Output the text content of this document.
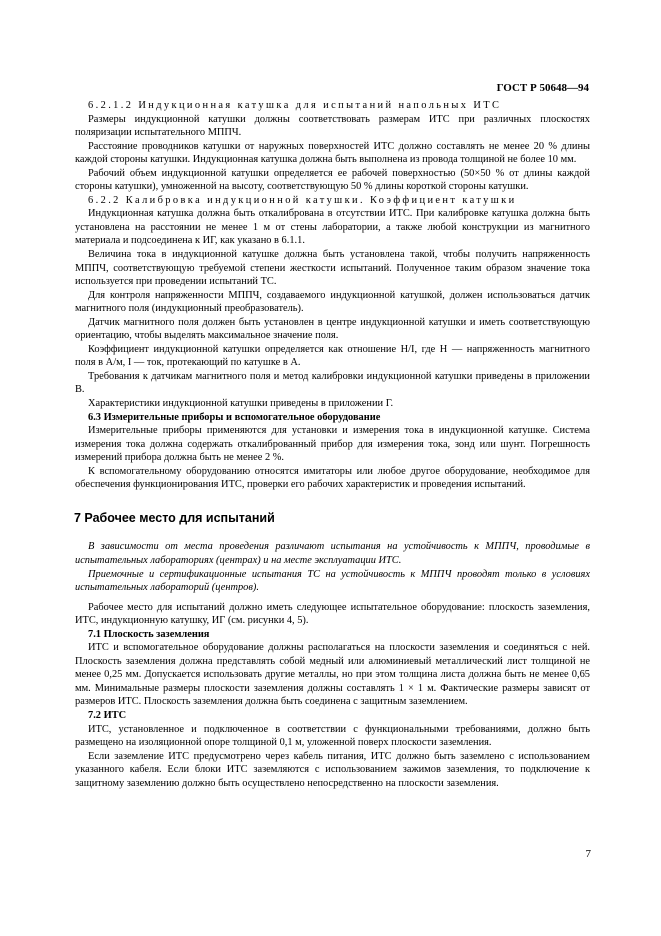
ГОСТ Р 50648—94

6.2.1.2 Индукционная катушка для испытаний напольных ИТС

Размеры индукционной катушки должны соответствовать размерам ИТС при различных плоскостях поляризации испытательного МППЧ.

Расстояние проводников катушки от наружных поверхностей ИТС должно составлять не менее 20 % длины каждой стороны катушки. Индукционная катушка должна быть выполнена из провода толщиной не более 10 мм.

Рабочий объем индукционной катушки определяется ее рабочей поверхностью (50×50 % от длины каждой стороны катушки), умноженной на высоту, соответствующую 50 % длины короткой стороны катушки.

6.2.2 Калибровка индукционной катушки. Коэффициент катушки

Индукционная катушка должна быть откалибрована в отсутствии ИТС. При калибровке катушка должна быть установлена на расстоянии не менее 1 м от стены лаборатории, а также любой конструкции из магнитного материала и подсоединена к ИГ, как указано в 6.1.1.

Величина тока в индукционной катушке должна быть установлена такой, чтобы получить напряженность МППЧ, соответствующую требуемой степени жесткости испытаний. Полученное таким образом значение тока используется при проведении испытаний ТС.

Для контроля напряженности МППЧ, создаваемого индукционной катушкой, должен использоваться датчик магнитного поля (индукционный преобразователь).

Датчик магнитного поля должен быть установлен в центре индукционной катушки и иметь соответствующую ориентацию, чтобы выделять максимальное значение поля.

Коэффициент индукционной катушки определяется как отношение H/I, где H — напряженность магнитного поля в А/м, I — ток, протекающий по катушке в А.

Требования к датчикам магнитного поля и метод калибровки индукционной катушки приведены в приложении В.

Характеристики индукционной катушки приведены в приложении Г.

6.3 Измерительные приборы и вспомогательное оборудование

Измерительные приборы применяются для установки и измерения тока в индукционной катушке. Система измерения тока должна содержать откалиброванный прибор для измерения тока, зонд или шунт. Погрешность измерений прибора должна быть не менее 2 %.

К вспомогательному оборудованию относятся имитаторы или любое другое оборудование, необходимое для обеспечения функционирования ИТС, проверки его рабочих характеристик и проведения испытаний.

7 Рабочее место для испытаний

В зависимости от места проведения различают испытания на устойчивость к МППЧ, проводимые в испытательных лабораториях (центрах) и на месте эксплуатации ИТС.

Приемочные и сертификационные испытания ТС на устойчивость к МППЧ проводят только в условиях испытательных лабораторий (центров).

Рабочее место для испытаний должно иметь следующее испытательное оборудование: плоскость заземления, ИТС, индукционную катушку, ИГ (см. рисунки 4, 5).

7.1 Плоскость заземления

ИТС и вспомогательное оборудование должны располагаться на плоскости заземления и соединяться с ней. Плоскость заземления должна представлять собой медный или алюминиевый металлический лист толщиной не менее 0,25 мм. Допускается использовать другие металлы, но при этом толщина листа должна быть не менее 0,65 мм. Минимальные размеры плоскости заземления должны составлять 1 × 1 м. Фактические размеры зависят от размеров ИТС. Плоскость заземления должна быть соединена с защитным заземлением.

7.2 ИТС

ИТС, установленное и подключенное в соответствии с функциональными требованиями, должно быть размещено на изоляционной опоре толщиной 0,1 м, уложенной поверх плоскости заземления.

Если заземление ИТС предусмотрено через кабель питания, ИТС должно быть заземлено с использованием указанного кабеля. Если блоки ИТС заземляются с использованием зажимов заземления, то подключение к защитному заземлению должно быть осуществлено непосредственно на плоскости заземления.

7
